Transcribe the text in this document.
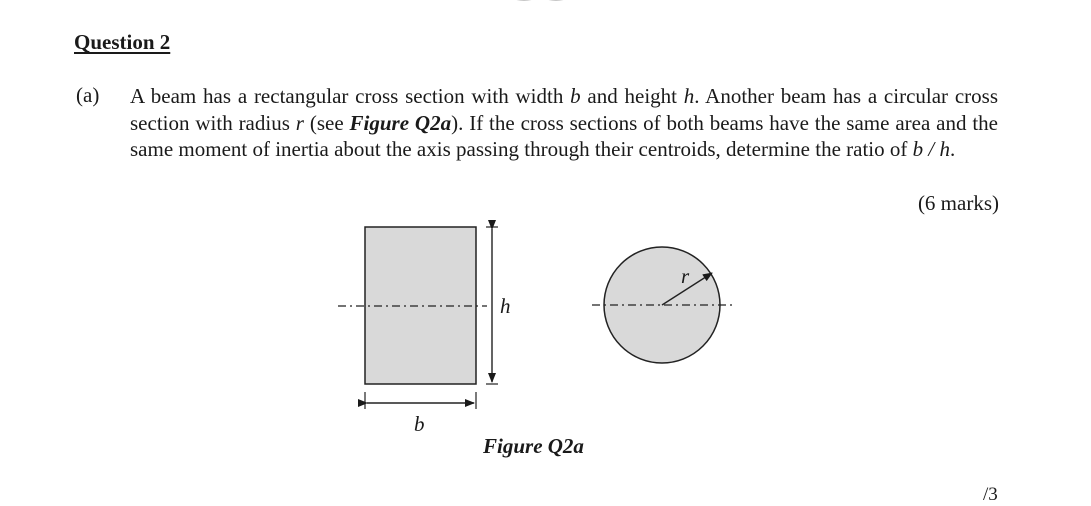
Question 2
(a) A beam has a rectangular cross section with width b and height h. Another beam has a circular cross section with radius r (see Figure Q2a). If the cross sections of both beams have the same area and the same moment of inertia about the axis passing through their centroids, determine the ratio of b / h.

(6 marks)
h
b
r
Figure Q2a
/3
